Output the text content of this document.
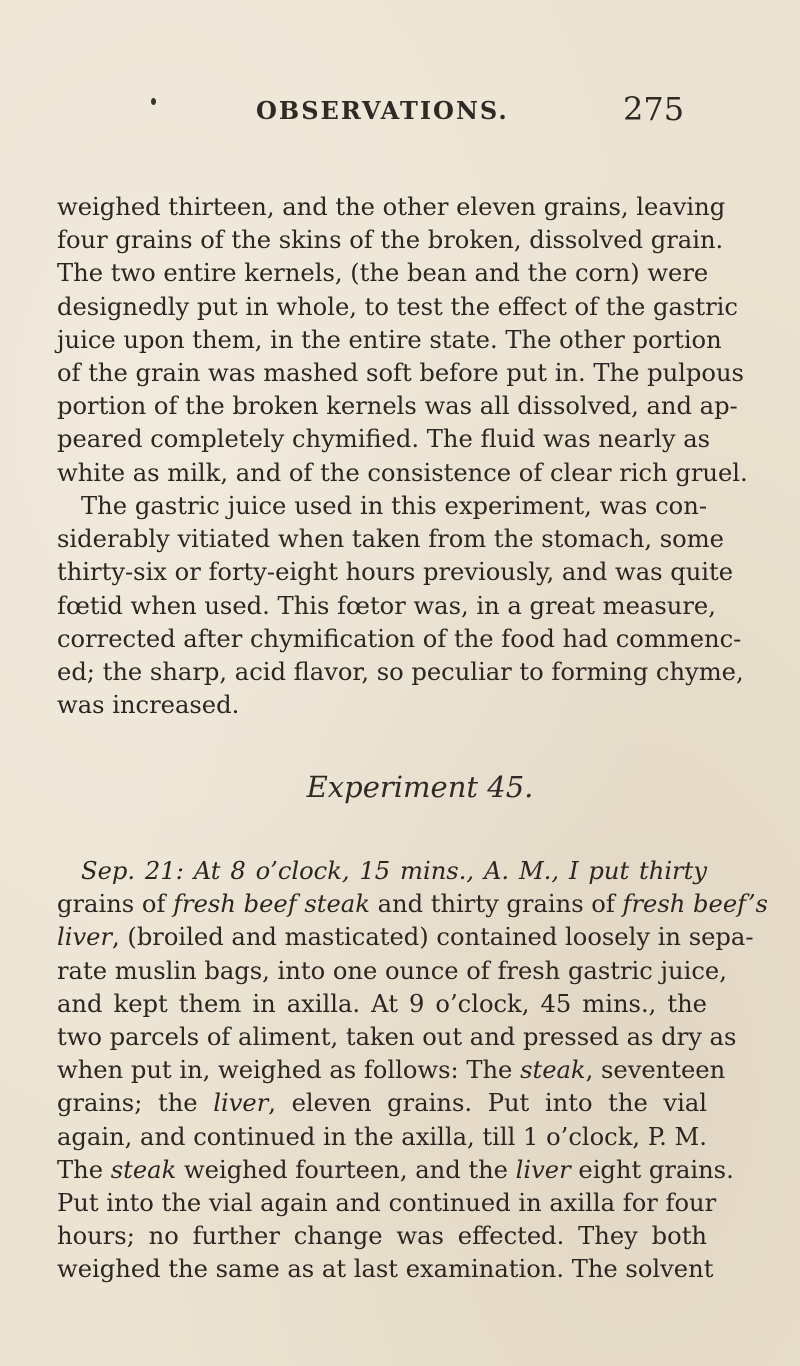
OBSERVATIONS.	275
weighed thirteen, and the other eleven grains, leaving
four grains of the skins of the broken, dissolved grain.
The two entire kernels, (the bean and the corn) were
designedly put in whole, to test the effect of the gastric
juice upon them, in the entire state. The other portion
of the grain was mashed soft before put in. The pulpous
portion of the broken kernels was all dissolved, and ap-
peared completely chymified. The fluid was nearly as
white as milk, and of the consistence of clear rich gruel.
The gastric juice used in this experiment, was con-
siderably vitiated when taken from the stomach, some
thirty-six or forty-eight hours previously, and was quite
fœtid when used. This fœtor was, in a great measure,
corrected after chymification of the food had commenc-
ed; the sharp, acid flavor, so peculiar to forming chyme,
was increased.
Experiment 45.
Sep. 21: At 8 o’clock, 15 mins., A. M., I put thirty
grains of fresh beef steak and thirty grains of fresh beef’s
liver, (broiled and masticated) contained loosely in sepa-
rate muslin bags, into one ounce of fresh gastric juice,
and kept them in axilla. At 9 o’clock, 45 mins., the
two parcels of aliment, taken out and pressed as dry as
when put in, weighed as follows: The steak, seventeen
grains; the liver, eleven grains. Put into the vial
again, and continued in the axilla, till 1 o’clock, P. M.
The steak weighed fourteen, and the liver eight grains.
Put into the vial again and continued in axilla for four
hours; no further change was effected. They both
weighed the same as at last examination. The solvent
